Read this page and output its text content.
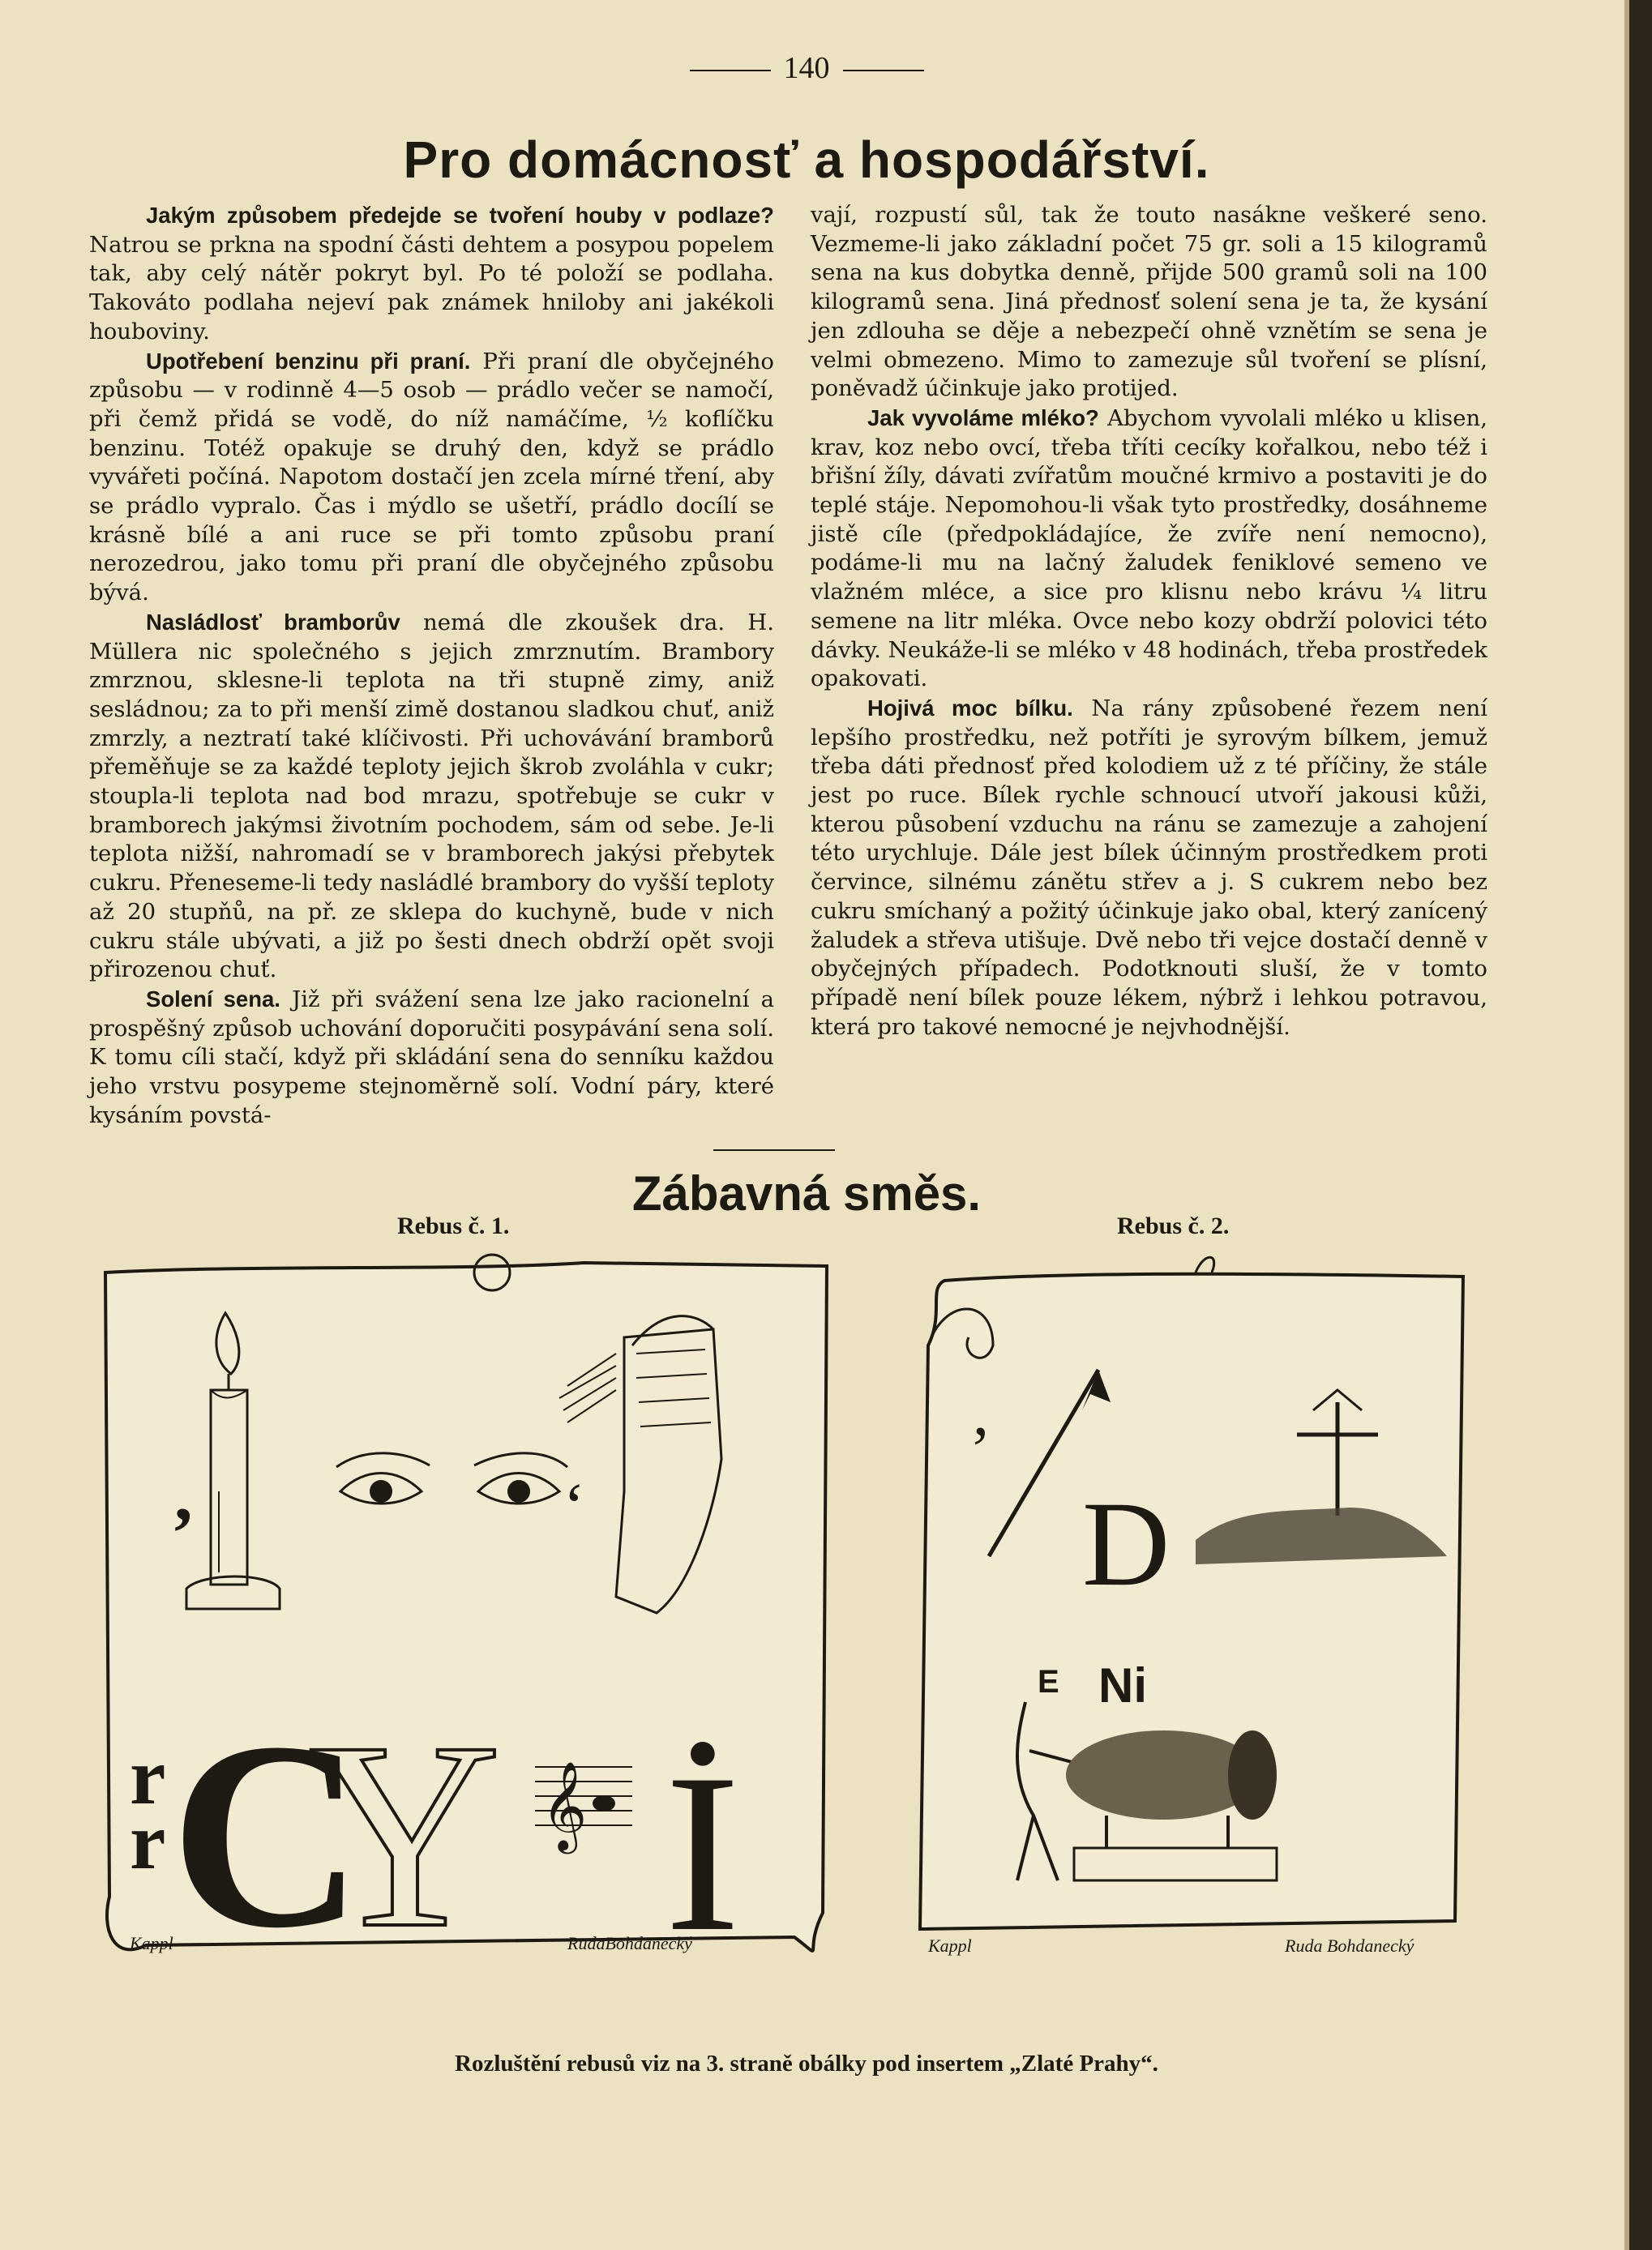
140
Pro domácnosť a hospodářství.

Jakým způsobem předejde se tvoření houby v podlaze? Natrou se prkna na spodní části dehtem a posypou popelem tak, aby celý nátěr pokryt byl. Po té položí se podlaha. Takováto podlaha nejeví pak známek hniloby ani jakékoli houboviny.

Upotřebení benzinu při praní. Při praní dle obyčejného způsobu — v rodinně 4—5 osob — prádlo večer se namočí, při čemž přidá se vodě, do níž namáčíme, ½ koflíčku benzinu. Totéž opakuje se druhý den, když se prádlo vyvářeti počíná. Napotom dostačí jen zcela mírné tření, aby se prádlo vypralo. Čas i mýdlo se ušetří, prádlo docílí se krásně bílé a ani ruce se při tomto způsobu praní nerozedrou, jako tomu při praní dle obyčejného způsobu bývá.

Nasládlosť bramborův nemá dle zkoušek dra. H. Müllera nic společného s jejich zmrznutím. Brambory zmrznou, sklesne-li teplota na tři stupně zimy, aniž sesládnou; za to při menší zimě dostanou sladkou chuť, aniž zmrzly, a neztratí také klíčivosti. Při uchovávání bramborů přeměňuje se za každé teploty jejich škrob zvoláhla v cukr; stoupla-li teplota nad bod mrazu, spotřebuje se cukr v bramborech jakýmsi životním pochodem, sám od sebe. Je-li teplota nižší, nahromadí se v bramborech jakýsi přebytek cukru. Přeneseme-li tedy nasládlé brambory do vyšší teploty až 20 stupňů, na př. ze sklepa do kuchyně, bude v nich cukru stále ubývati, a již po šesti dnech obdrží opět svoji přirozenou chuť.

Solení sena. Již při svážení sena lze jako racionelní a prospěšný způsob uchování doporučiti posypávání sena solí. K tomu cíli stačí, když při skládání sena do senníku každou jeho vrstvu posypeme stejnoměrně solí. Vodní páry, které kysáním povstá-

vají, rozpustí sůl, tak že touto nasákne veškeré seno. Vezmeme-li jako základní počet 75 gr. soli a 15 kilogramů sena na kus dobytka denně, přijde 500 gramů soli na 100 kilogramů sena. Jiná přednosť solení sena je ta, že kysání jen zdlouha se děje a nebezpečí ohně vznětím se sena je velmi obmezeno. Mimo to zamezuje sůl tvoření se plísní, poněvadž účinkuje jako protijed.

Jak vyvoláme mléko? Abychom vyvolali mléko u klisen, krav, koz nebo ovcí, třeba tříti cecíky kořalkou, nebo též i břišní žíly, dávati zvířatům moučné krmivo a postaviti je do teplé stáje. Nepomohou-li však tyto prostředky, dosáhneme jistě cíle (předpokládajíce, že zvíře není nemocno), podáme-li mu na lačný žaludek feniklové semeno ve vlažném mléce, a sice pro klisnu nebo krávu ¼ litru semene na litr mléka. Ovce nebo kozy obdrží polovici této dávky. Neukáže-li se mléko v 48 hodinách, třeba prostředek opakovati.

Hojivá moc bílku. Na rány způsobené řezem není lepšího prostředku, než potříti je syrovým bílkem, jemuž třeba dáti přednosť před kolodiem už z té příčiny, že stále jest po ruce. Bílek rychle schnoucí utvoří jakousi kůži, kterou působení vzduchu na ránu se zamezuje a zahojení této urychluje. Dále jest bílek účinným prostředkem proti červince, silnému zánětu střev a j. S cukrem nebo bez cukru smíchaný a požitý účinkuje jako obal, který zanícený žaludek a střeva utišuje. Dvě nebo tři vejce dostačí denně v obyčejných případech. Podotknouti sluší, že v tomto případě není bílek pouze lékem, nýbrž i lehkou potravou, která pro takové nemocné je nejvhodnější.

Zábavná směs.
Rebus č. 1.	Rebus č. 2.
,	‘
r
r C
Y 𝄞 İ
Kappl	RudaBohdanecký
,
D
Ni
E
Kappl	Ruda Bohdanecký
Rozluštění rebusů viz na 3. straně obálky pod insertem „Zlaté Prahy“.
